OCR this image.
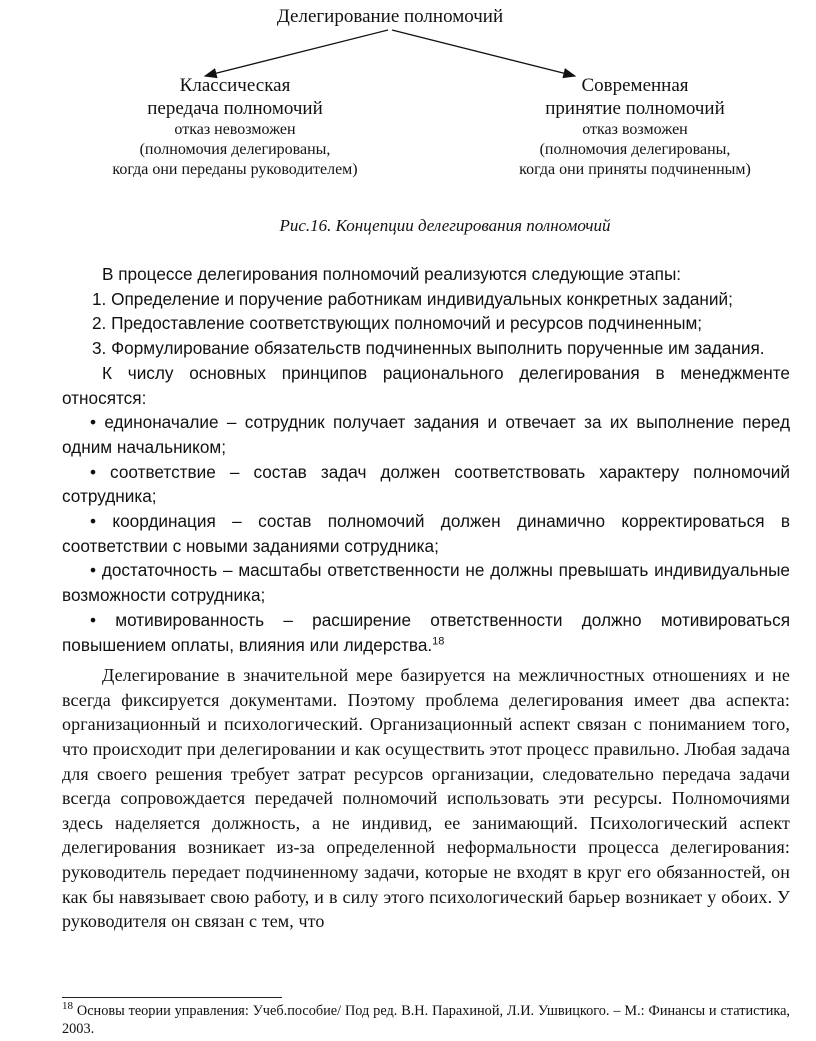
Делегирование полномочий
Классическая
передача полномочий
отказ невозможен
(полномочия делегированы,
когда они переданы руководителем)
Современная
принятие полномочий
отказ возможен
(полномочия делегированы,
когда они приняты подчиненным)
Рис.16. Концепции делегирования полномочий

В процессе делегирования полномочий реализуются следующие этапы:

1. Определение и поручение работникам индивидуальных конкретных заданий;

2. Предоставление соответствующих полномочий и ресурсов подчиненным;

3. Формулирование обязательств подчиненных выполнить порученные им задания.

К числу основных принципов рационального делегирования в менеджменте относятся:

• единоначалие – сотрудник получает задания и отвечает за их выполнение перед одним начальником;

• соответствие – состав задач должен соответствовать характеру полномочий сотрудника;

• координация – состав полномочий должен динамично корректироваться в соответствии с новыми заданиями сотрудника;

• достаточность – масштабы ответственности не должны превышать индивидуальные возможности сотрудника;

• мотивированность – расширение ответственности должно мотивироваться повышением оплаты, влияния или лидерства.$^{18}$

Делегирование в значительной мере базируется на межличностных отношениях и не всегда фиксируется документами. Поэтому проблема делегирования имеет два аспекта: организационный и психологический. Организационный аспект связан с пониманием того, что происходит при делегировании и как осуществить этот процесс правильно. Любая задача для своего решения требует затрат ресурсов организации, следовательно передача задачи всегда сопровождается передачей полномочий использовать эти ресурсы. Полномочиями здесь наделяется должность, а не индивид, ее занимающий. Психологический аспект делегирования возникает из-за определенной неформальности процесса делегирования: руководитель передает подчиненному задачи, которые не входят в круг его обязанностей, он как бы навязывает свою работу, и в силу этого психологический барьер возникает у обоих. У руководителя он связан с тем, что

$^{18}$ Основы теории управления: Учеб.пособие/ Под ред. В.Н. Парахиной, Л.И. Ушвицкого. – М.: Финансы и статистика, 2003.
